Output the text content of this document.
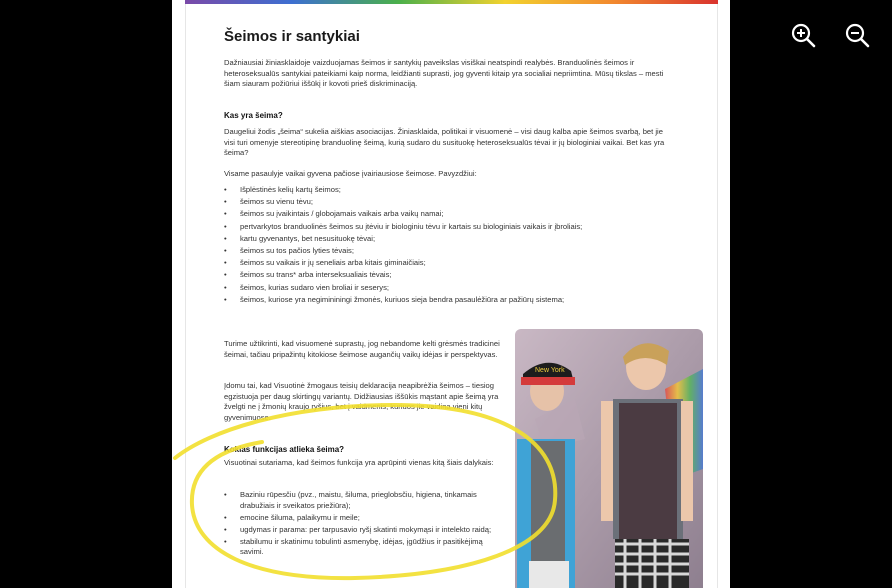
Šeimos ir santykiai
Dažniausiai žiniasklaidoje vaizduojamas šeimos ir santykių paveikslas visiškai neatspindi realybės. Branduolinės šeimos ir heteroseksualūs santykiai pateikiami kaip norma, leidžianti suprasti, jog gyventi kitaip yra socialiai nepriimtina. Mūsų tikslas – mesti šiam siauram požiūriui iššūkį ir kovoti prieš diskriminaciją.
Kas yra šeima?
Daugeliui žodis „šeima“ sukelia aiškias asociacijas. Žiniasklaida, politikai ir visuomenė – visi daug kalba apie šeimos svarbą, bet jie visi turi omenyje stereotipinę branduolinę šeimą, kurią sudaro du susituokę heteroseksualūs tėvai ir jų biologiniai vaikai. Bet kas yra šeima?
Visame pasaulyje vaikai gyvena pačiose įvairiausiose šeimose. Pavyzdžiui:
• Išplėstinės kelių kartų šeimos;
• šeimos su vienu tėvu;
• šeimos su įvaikintais / globojamais vaikais arba vaikų namai;
• pertvarkytos branduolinės šeimos su įtėviu ir biologiniu tėvu ir kartais su biologiniais vaikais ir įbroliais;
• kartu gyvenantys, bet nesusituokę tėvai;
• šeimos su tos pačios lyties tėvais;
• šeimos su vaikais ir jų seneliais arba kitais giminaičiais;
• šeimos su trans* arba interseksualiais tėvais;
• šeimos, kurias sudaro vien broliai ir seserys;
• šeimos, kuriose yra negimininingi žmonės, kuriuos sieja bendra pasaulėžiūra ar pažiūrų sistema;
Turime užtikrinti, kad visuomenė suprastų, jog nebandome kelti grėsmės tradicinei šeimai, tačiau pripažintų kitokiose šeimose augančių vaikų idėjas ir perspektyvas.
Įdomu tai, kad Visuotinė žmogaus teisių deklaracija neapibrėžia šeimos – tiesiog egzistuoja per daug skirtingų variantų. Didžiausias iššūkis mąstant apie šeimą yra žvelgti ne į žmonių kraujo ryšius, bet į vaidmenis, kuriuos jie vaidina vieni kitų gyvenimuose.
Kokias funkcijas atlieka šeima?
Visuotinai sutariama, kad šeimos funkcija yra aprūpinti vienas kitą šiais dalykais:
• Baziniu rūpesčiu (pvz., maistu, šiluma, prieglobsčiu, higiena, tinkamais drabužiais ir sveikatos priežiūra);
• emocine šiluma, palaikymu ir meile;
• ugdymas ir parama: per tarpusavio ryšį skatinti mokymąsi ir intelekto raidą;
• stabilumu ir skatinimu tobulinti asmenybę, idėjas, įgūdžius ir pasitikėjimą savimi.
New York
